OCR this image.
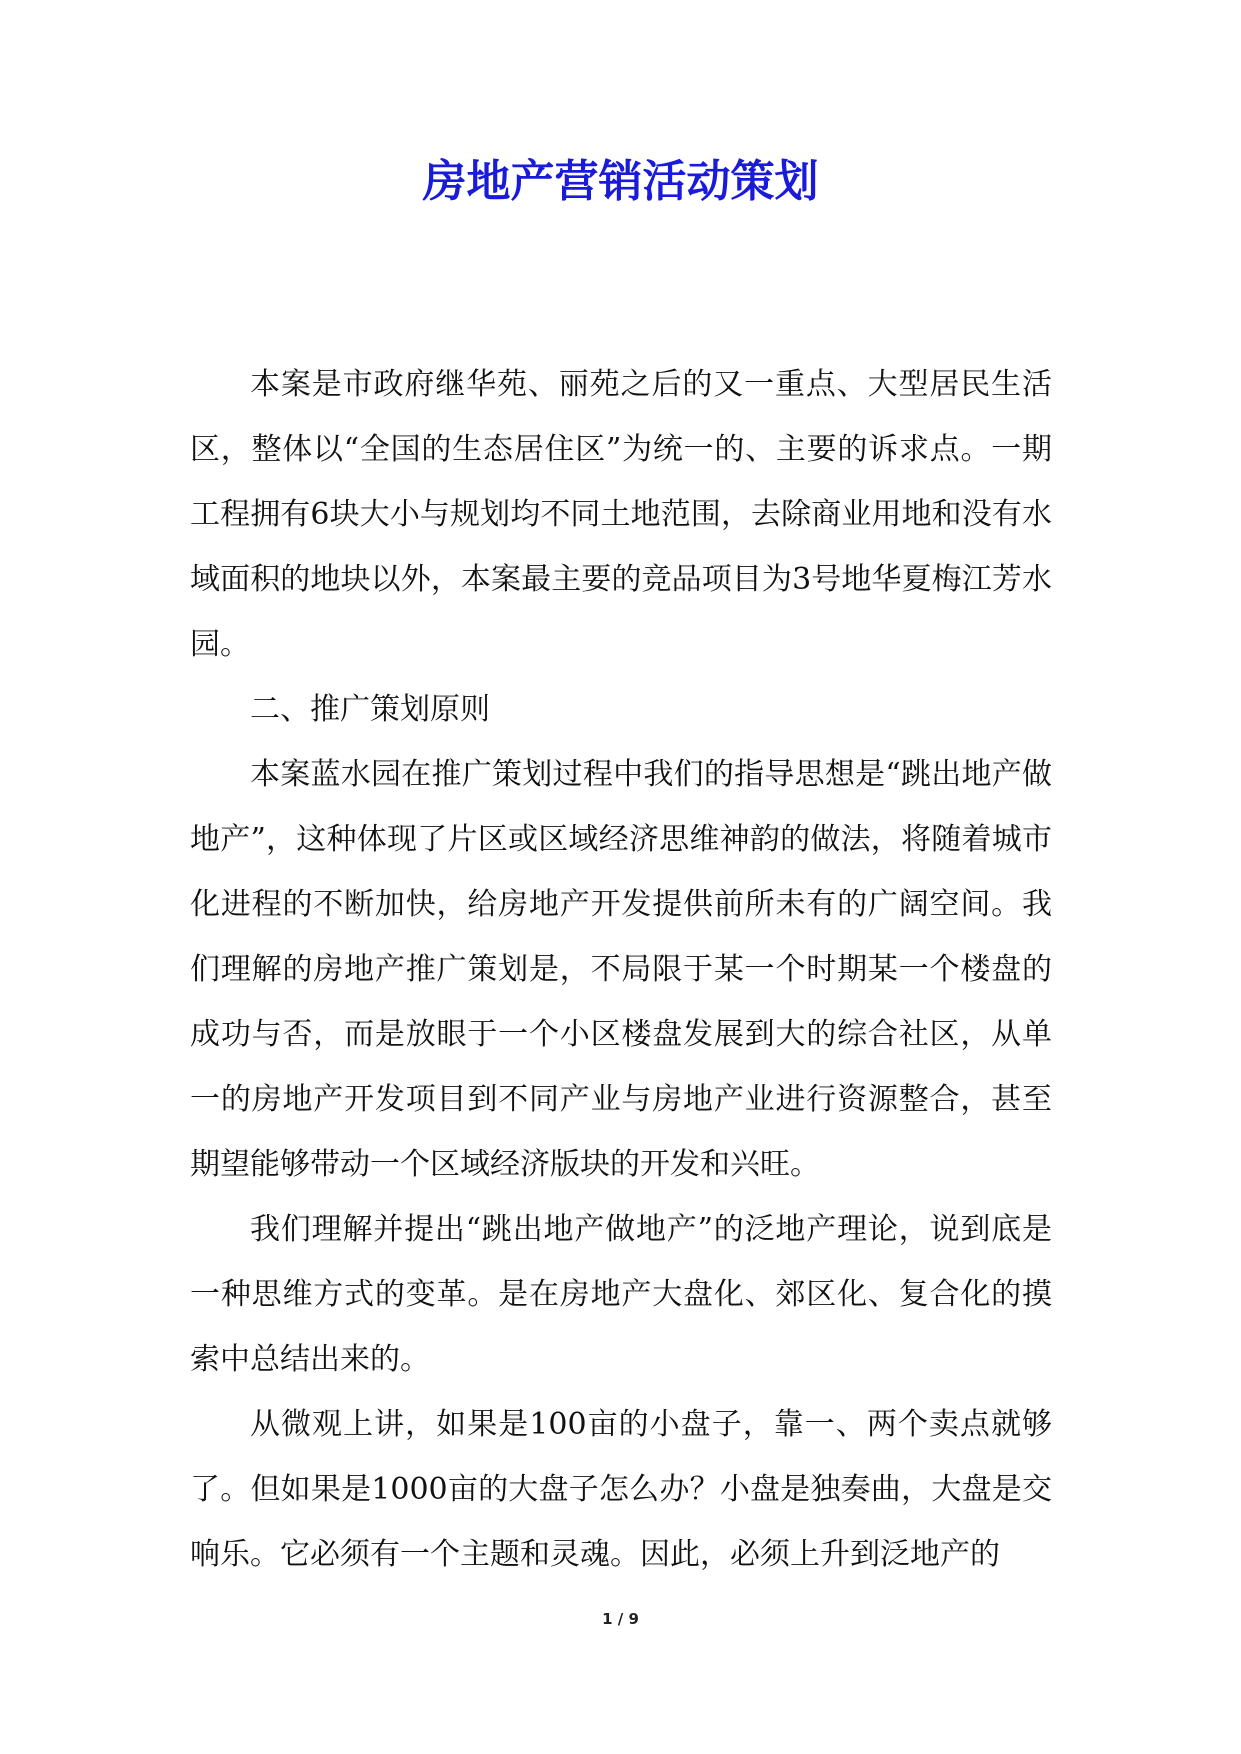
房地产营销活动策划

本案是市政府继华苑、丽苑之后的又一重点、大型居民生活区，整体以“全国的生态居住区”为统一的、主要的诉求点。一期工程拥有6块大小与规划均不同土地范围，去除商业用地和没有水域面积的地块以外，本案最主要的竞品项目为3号地华夏梅江芳水园。

二、推广策划原则

本案蓝水园在推广策划过程中我们的指导思想是“跳出地产做地产”，这种体现了片区或区域经济思维神韵的做法，将随着城市化进程的不断加快，给房地产开发提供前所未有的广阔空间。我们理解的房地产推广策划是，不局限于某一个时期某一个楼盘的成功与否，而是放眼于一个小区楼盘发展到大的综合社区，从单一的房地产开发项目到不同产业与房地产业进行资源整合，甚至期望能够带动一个区域经济版块的开发和兴旺。

我们理解并提出“跳出地产做地产”的泛地产理论，说到底是一种思维方式的变革。是在房地产大盘化、郊区化、复合化的摸索中总结出来的。

从微观上讲，如果是100亩的小盘子，靠一、两个卖点就够了。但如果是1000亩的大盘子怎么办？小盘是独奏曲，大盘是交响乐。它必须有一个主题和灵魂。因此，必须上升到泛地产的

1 / 9
